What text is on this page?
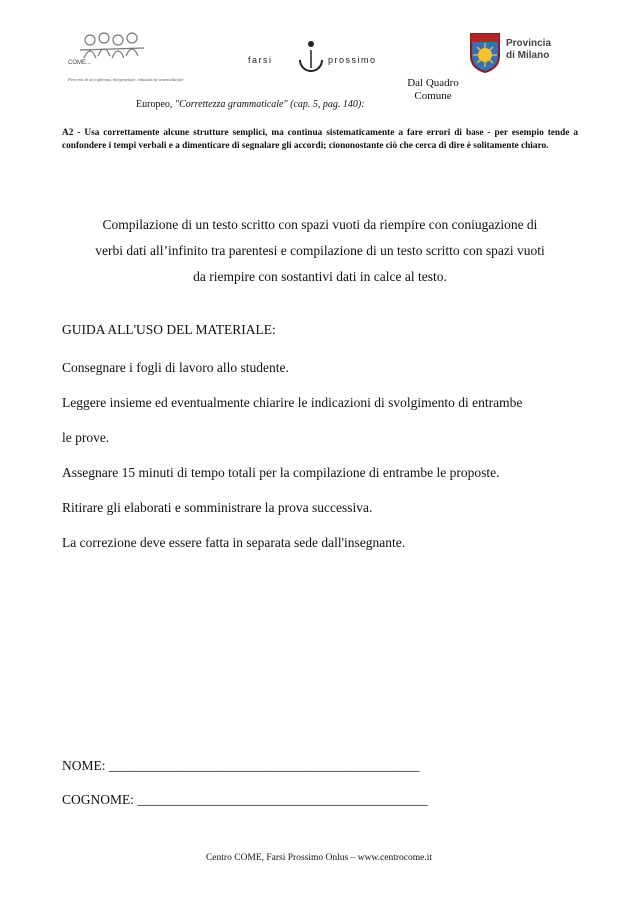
COME...
Percorsi di accoglienza, integrazione, educazione interculturale
farsi	prossimo
Provincia
di Milano
Dal Quadro
Comune
Europeo, "Correttezza grammaticale" (cap. 5, pag. 140):
A2 - Usa correttamente alcune strutture semplici, ma continua sistematicamente a fare errori di base - per esempio tende a confondere i tempi verbali e a dimenticare di segnalare gli accordi; ciononostante ciò che cerca di dire è solitamente chiaro.
Compilazione di un testo scritto con spazi vuoti da riempire con coniugazione di
verbi dati all’infinito tra parentesi e compilazione di un testo scritto con spazi vuoti
da riempire con sostantivi dati in calce al testo.
GUIDA ALL'USO DEL MATERIALE:
Consegnare i fogli di lavoro allo studente.
Leggere insieme ed eventualmente chiarire le indicazioni di svolgimento di entrambe
le prove.
Assegnare 15 minuti di tempo totali per la compilazione di entrambe le proposte.
Ritirare gli elaborati e somministrare la prova successiva.
La correzione deve essere fatta in separata sede dall'insegnante.
NOME: ______________________________________________
COGNOME: ___________________________________________
Centro COME, Farsi Prossimo Onlus – www.centrocome.it
